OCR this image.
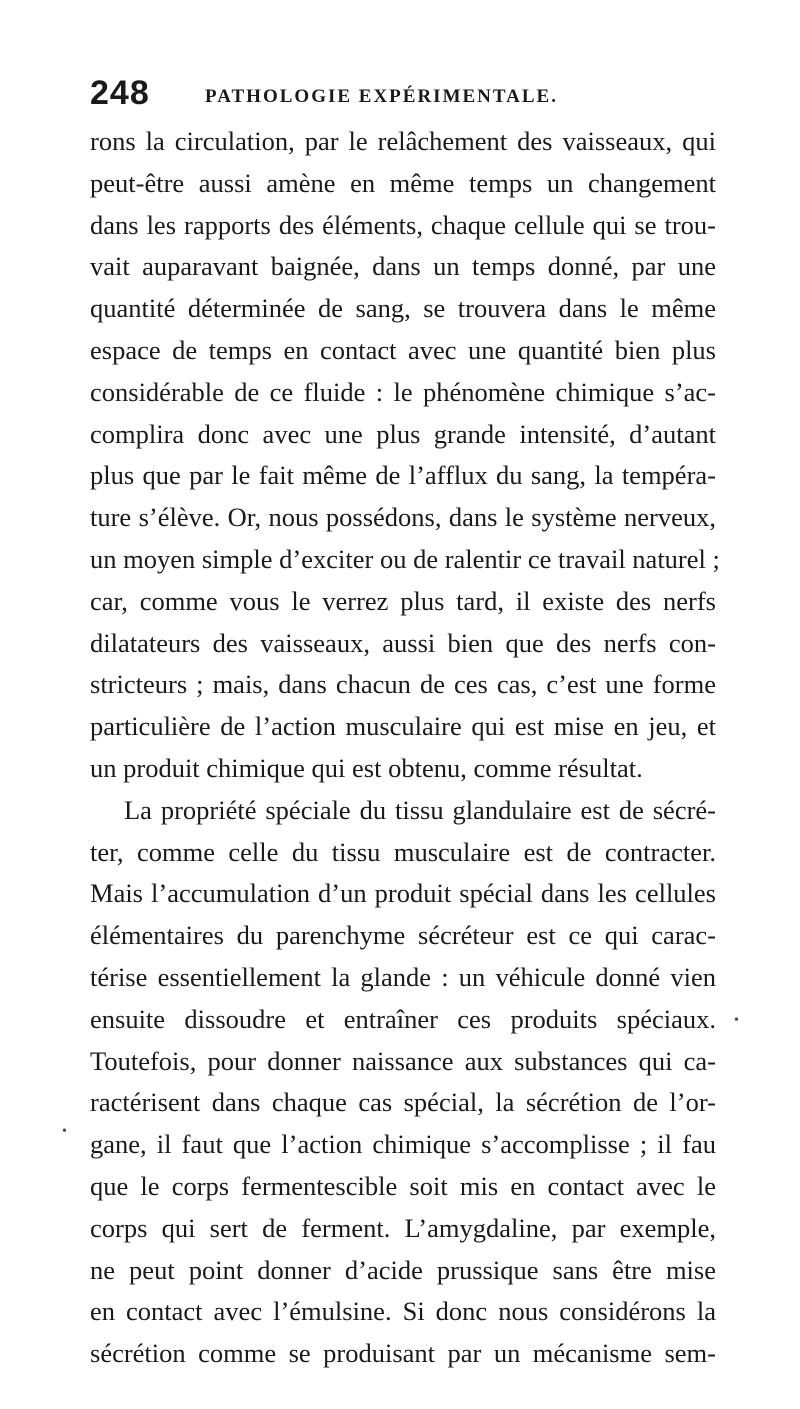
248	PATHOLOGIE EXPÉRIMENTALE.
rons la circulation, par le relâchement des vaisseaux, qui
peut-être aussi amène en même temps un changement
dans les rapports des éléments, chaque cellule qui se trou-
vait auparavant baignée, dans un temps donné, par une
quantité déterminée de sang, se trouvera dans le même
espace de temps en contact avec une quantité bien plus
considérable de ce fluide : le phénomène chimique s’ac-
complira donc avec une plus grande intensité, d’autant
plus que par le fait même de l’afflux du sang, la tempéra-
ture s’élève. Or, nous possédons, dans le système nerveux,
un moyen simple d’exciter ou de ralentir ce travail naturel ;
car, comme vous le verrez plus tard, il existe des nerfs
dilatateurs des vaisseaux, aussi bien que des nerfs con-
stricteurs ; mais, dans chacun de ces cas, c’est une forme
particulière de l’action musculaire qui est mise en jeu, et
un produit chimique qui est obtenu, comme résultat.
La propriété spéciale du tissu glandulaire est de sécré-
ter, comme celle du tissu musculaire est de contracter.
Mais l’accumulation d’un produit spécial dans les cellules
élémentaires du parenchyme sécréteur est ce qui carac-
térise essentiellement la glande : un véhicule donné vien
ensuite dissoudre et entraîner ces produits spéciaux.
Toutefois, pour donner naissance aux substances qui ca-
ractérisent dans chaque cas spécial, la sécrétion de l’or-
gane, il faut que l’action chimique s’accomplisse ; il fau
que le corps fermentescible soit mis en contact avec le
corps qui sert de ferment. L’amygdaline, par exemple,
ne peut point donner d’acide prussique sans être mise
en contact avec l’émulsine. Si donc nous considérons la
sécrétion comme se produisant par un mécanisme sem-
•
•
